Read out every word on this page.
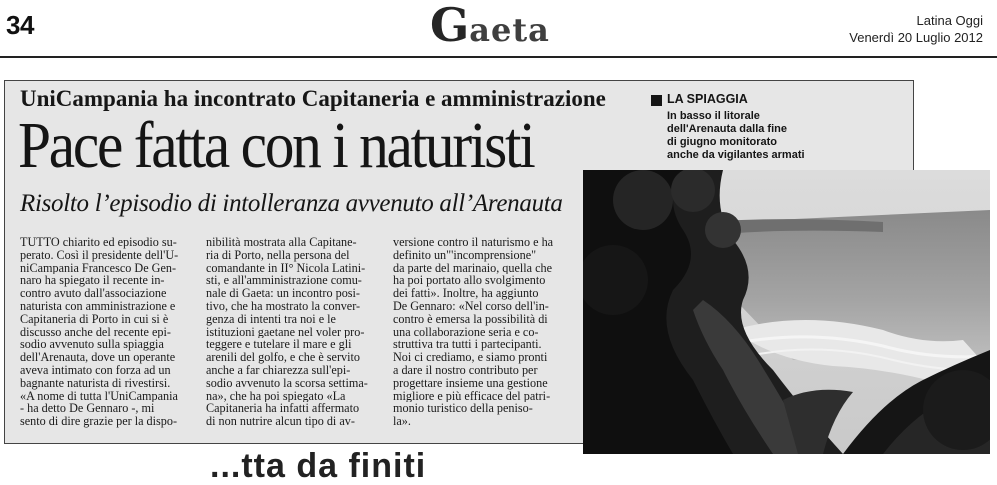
34	Gaeta	Latina Oggi
Venerdì 20 Luglio 2012
UniCampania ha incontrato Capitaneria e amministrazione
Pace fatta con i naturisti
Risolto l’episodio di intolleranza avvenuto all’Arenauta
TUTTO chiarito ed episodio su-
perato. Così il presidente dell'U-
niCampania Francesco De Gen-
naro ha spiegato il recente in-
contro avuto dall'associazione
naturista con amministrazione e
Capitaneria di Porto in cui si è
discusso anche del recente epi-
sodio avvenuto sulla spiaggia
dell'Arenauta, dove un operante
aveva intimato con forza ad un
bagnante naturista di rivestirsi.
«A nome di tutta l'UniCampania
- ha detto De Gennaro -, mi
sento di dire grazie per la dispo-
nibilità mostrata alla Capitane-
ria di Porto, nella persona del
comandante in II° Nicola Latini-
sti, e all'amministrazione comu-
nale di Gaeta: un incontro posi-
tivo, che ha mostrato la conver-
genza di intenti tra noi e le
istituzioni gaetane nel voler pro-
teggere e tutelare il mare e gli
arenili del golfo, e che è servito
anche a far chiarezza sull'epi-
sodio avvenuto la scorsa settima-
na», che ha poi spiegato «La
Capitaneria ha infatti affermato
di non nutrire alcun tipo di av-
versione contro il naturismo e ha
definito un"'incomprensione"
da parte del marinaio, quella che
ha poi portato allo svolgimento
dei fatti». Inoltre, ha aggiunto
De Gennaro: «Nel corso dell'in-
contro è emersa la possibilità di
una collaborazione seria e co-
struttiva tra tutti i partecipanti.
Noi ci crediamo, e siamo pronti
a dare il nostro contributo per
progettare insieme una gestione
migliore e più efficace del patri-
monio turistico della peniso-
la».
LA SPIAGGIA
In basso il litorale
dell'Arenauta dalla fine
di giugno monitorato
anche da vigilantes armati
...tta da finiti
